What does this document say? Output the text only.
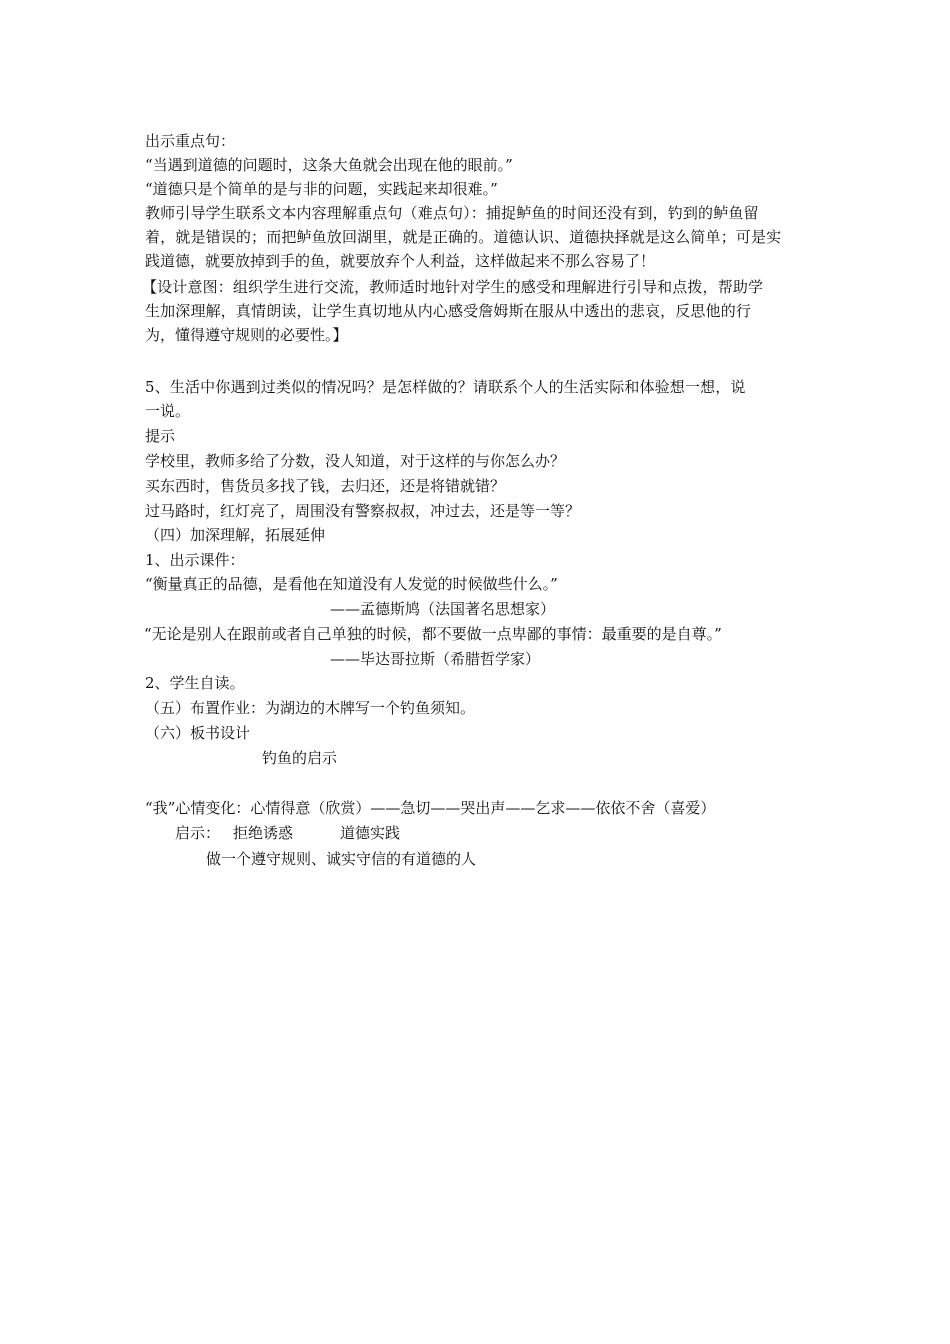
出示重点句：
“当遇到道德的问题时，这条大鱼就会出现在他的眼前。”
“道德只是个简单的是与非的问题，实践起来却很难。”
教师引导学生联系文本内容理解重点句（难点句）：捕捉鲈鱼的时间还没有到，钓到的鲈鱼留
着，就是错误的；而把鲈鱼放回湖里，就是正确的。道德认识、道德抉择就是这么简单；可是实
践道德，就要放掉到手的鱼，就要放弃个人利益，这样做起来不那么容易了！
【设计意图：组织学生进行交流，教师适时地针对学生的感受和理解进行引导和点拨，帮助学
生加深理解，真情朗读，让学生真切地从内心感受詹姆斯在服从中透出的悲哀，反思他的行
为，懂得遵守规则的必要性。】
5、生活中你遇到过类似的情况吗？是怎样做的？请联系个人的生活实际和体验想一想，说
一说。
提示
学校里，教师多给了分数，没人知道，对于这样的与你怎么办？
买东西时，售货员多找了钱，去归还，还是将错就错？
过马路时，红灯亮了，周围没有警察叔叔，冲过去，还是等一等？
（四）加深理解，拓展延伸
1、出示课件：
“衡量真正的品德，是看他在知道没有人发觉的时候做些什么。”
——孟德斯鸠（法国著名思想家）
“无论是别人在跟前或者自己单独的时候，都不要做一点卑鄙的事情：最重要的是自尊。”
——毕达哥拉斯（希腊哲学家）
2、学生自读。
（五）布置作业：为湖边的木牌写一个钓鱼须知。
（六）板书设计
钓鱼的启示
“我”心情变化：心情得意（欣赏）——急切——哭出声——乞求——依依不舍（喜爱）
启示： 拒绝诱惑	道德实践
做一个遵守规则、诚实守信的有道德的人
